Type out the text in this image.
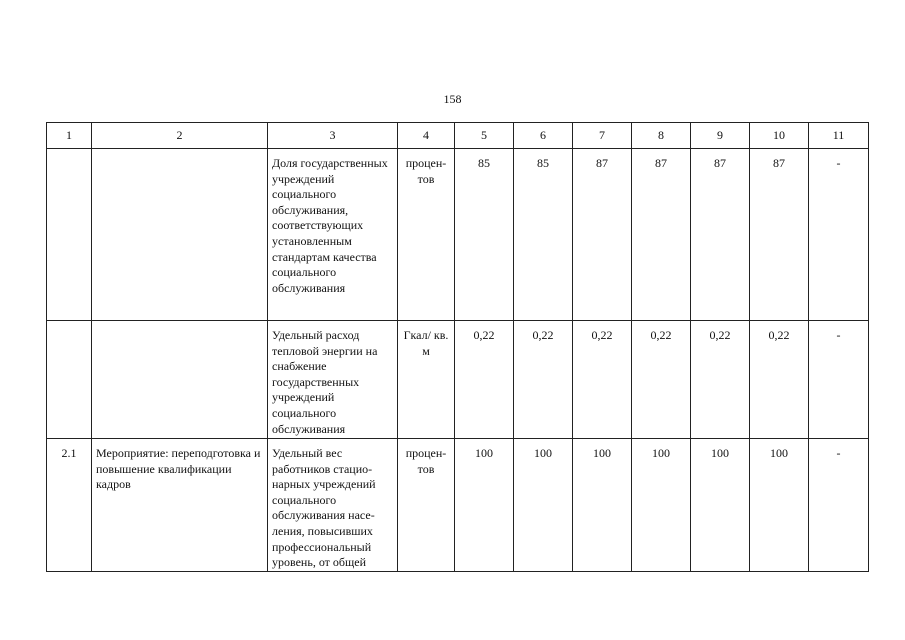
158
1	2	3	4	5	6	7	8	9	10	11
		Доля государственных учреждений социального обслуживания, соответствующих установленным стандартам качества социального обслуживания	процен-тов	85	85	87	87	87	87	-
		Удельный расход тепловой энергии на снабжение государственных учреждений социального обслуживания	Гкал/ кв. м	0,22	0,22	0,22	0,22	0,22	0,22	-
2.1	Мероприятие: переподготовка и повышение квалификации кадров	Удельный вес работников стацио-нарных учреждений социального обслуживания насе-ления, повысивших профессиональный уровень, от общей	процен-тов	100	100	100	100	100	100	-
